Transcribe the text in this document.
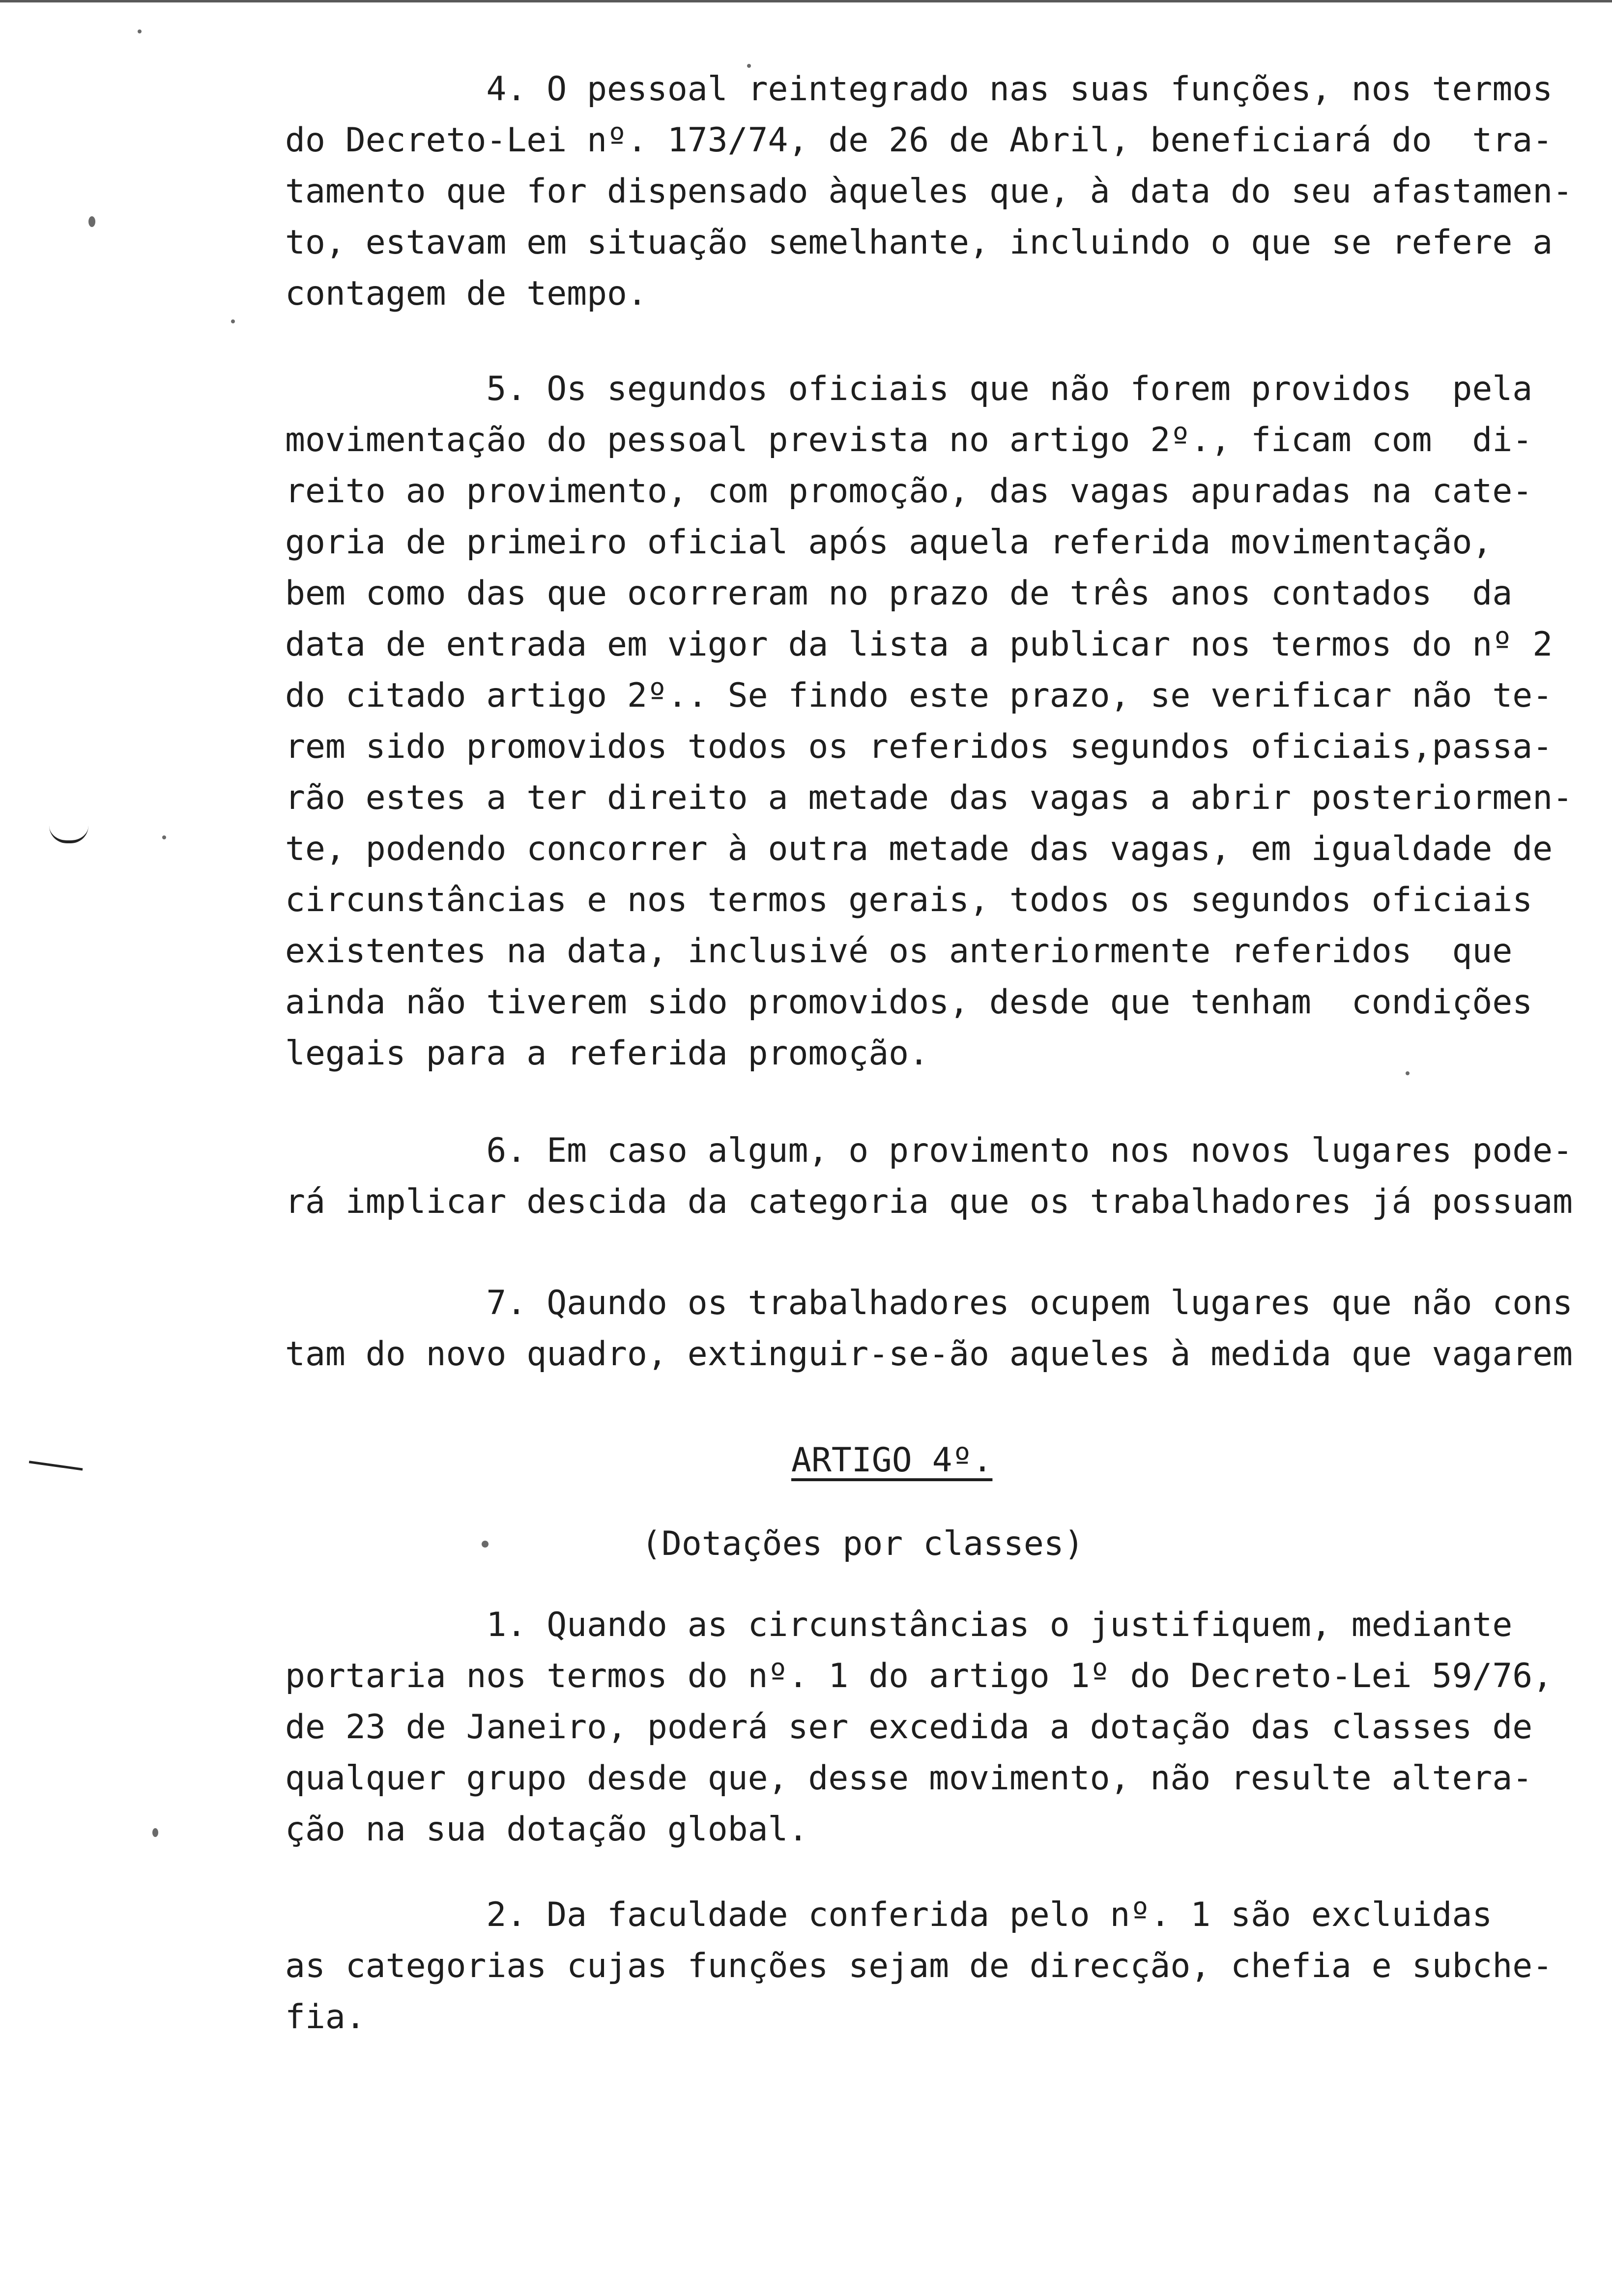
4. O pessoal reintegrado nas suas funções, nos termos
do Decreto-Lei nº. 173/74, de 26 de Abril, beneficiará do  tra-
tamento que for dispensado àqueles que, à data do seu afastamen-
to, estavam em situação semelhante, incluindo o que se refere a
contagem de tempo.
5. Os segundos oficiais que não forem providos  pela
movimentação do pessoal prevista no artigo 2º., ficam com  di-
reito ao provimento, com promoção, das vagas apuradas na cate-
goria de primeiro oficial após aquela referida movimentação,
bem como das que ocorreram no prazo de três anos contados  da
data de entrada em vigor da lista a publicar nos termos do nº 2
do citado artigo 2º.. Se findo este prazo, se verificar não te-
rem sido promovidos todos os referidos segundos oficiais,passa-
rão estes a ter direito a metade das vagas a abrir posteriormen-
te, podendo concorrer à outra metade das vagas, em igualdade de
circunstâncias e nos termos gerais, todos os segundos oficiais
existentes na data, inclusivé os anteriormente referidos  que
ainda não tiverem sido promovidos, desde que tenham  condições
legais para a referida promoção.
6. Em caso algum, o provimento nos novos lugares pode-
rá implicar descida da categoria que os trabalhadores já possuam
7. Qaundo os trabalhadores ocupem lugares que não cons
tam do novo quadro, extinguir-se-ão aqueles à medida que vagarem
ARTIGO 4º.
(Dotações por classes)
1. Quando as circunstâncias o justifiquem, mediante
portaria nos termos do nº. 1 do artigo 1º do Decreto-Lei 59/76,
de 23 de Janeiro, poderá ser excedida a dotação das classes de
qualquer grupo desde que, desse movimento, não resulte altera-
ção na sua dotação global.
2. Da faculdade conferida pelo nº. 1 são excluidas
as categorias cujas funções sejam de direcção, chefia e subche-
fia.
